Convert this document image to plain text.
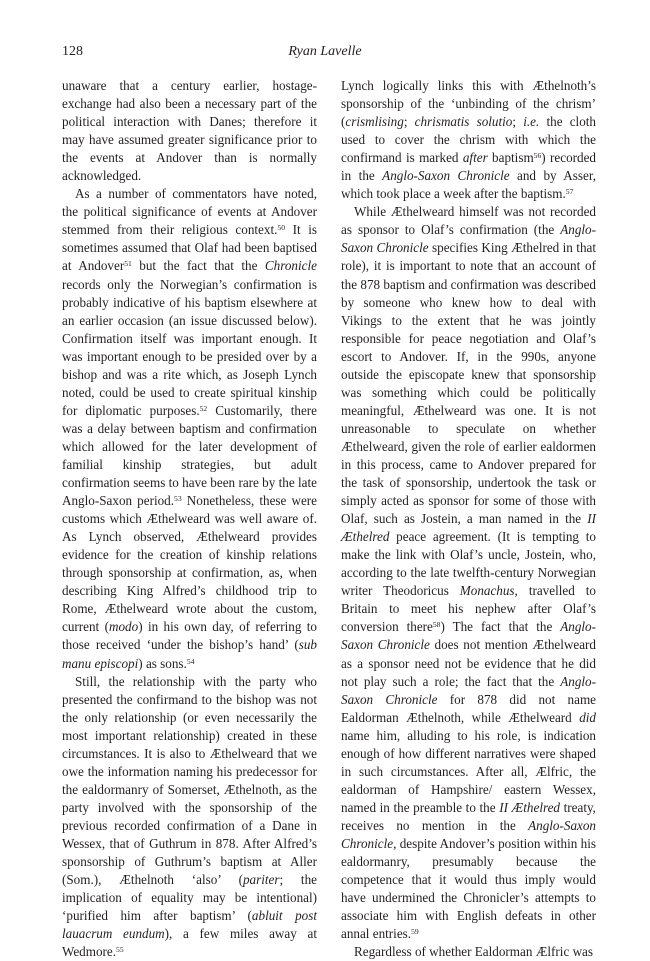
128	Ryan Lavelle

unaware that a century earlier, hostage-exchange had also been a necessary part of the political interaction with Danes; therefore it may have assumed greater significance prior to the events at Andover than is normally acknowledged.

As a number of commentators have noted, the political significance of events at Andover stemmed from their religious context.$^{50}$ It is sometimes assumed that Olaf had been baptised at Andover$^{51}$ but the fact that the Chronicle records only the Norwegian’s confirmation is probably indicative of his baptism elsewhere at an earlier occasion (an issue discussed below). Confirmation itself was important enough. It was important enough to be presided over by a bishop and was a rite which, as Joseph Lynch noted, could be used to create spiritual kinship for diplomatic purposes.$^{52}$ Customarily, there was a delay between baptism and confirmation which allowed for the later development of familial kinship strategies, but adult confirmation seems to have been rare by the late Anglo-Saxon period.$^{53}$ Nonetheless, these were customs which Æthelweard was well aware of. As Lynch observed, Æthelweard provides evidence for the creation of kinship relations through sponsorship at confirmation, as, when describing King Alfred’s childhood trip to Rome, Æthelweard wrote about the custom, current (modo) in his own day, of referring to those received ‘under the bishop’s hand’ (sub manu episcopi) as sons.$^{54}$

Still, the relationship with the party who presented the confirmand to the bishop was not the only relationship (or even necessarily the most important relationship) created in these circumstances. It is also to Æthelweard that we owe the information naming his predecessor for the ealdormanry of Somerset, Æthelnoth, as the party involved with the sponsorship of the previous recorded confirmation of a Dane in Wessex, that of Guthrum in 878. After Alfred’s sponsorship of Guthrum’s baptism at Aller (Som.), Æthelnoth ‘also’ (pariter; the implication of equality may be intentional) ‘purified him after baptism’ (abluit post lauacrum eundum), a few miles away at Wedmore.$^{55}$

Lynch logically links this with Æthelnoth’s sponsorship of the ‘unbinding of the chrism’ (crismlising; chrismatis solutio; i.e. the cloth used to cover the chrism with which the confirmand is marked after baptism$^{56}$) recorded in the Anglo-Saxon Chronicle and by Asser, which took place a week after the baptism.$^{57}$

While Æthelweard himself was not recorded as sponsor to Olaf’s confirmation (the Anglo-Saxon Chronicle specifies King Æthelred in that role), it is important to note that an account of the 878 baptism and confirmation was described by someone who knew how to deal with Vikings to the extent that he was jointly responsible for peace negotiation and Olaf’s escort to Andover. If, in the 990s, anyone outside the episcopate knew that sponsorship was something which could be politically meaningful, Æthelweard was one. It is not unreasonable to speculate on whether Æthelweard, given the role of earlier ealdormen in this process, came to Andover prepared for the task of sponsorship, undertook the task or simply acted as sponsor for some of those with Olaf, such as Jostein, a man named in the II Æthelred peace agreement. (It is tempting to make the link with Olaf’s uncle, Jostein, who, according to the late twelfth-century Norwegian writer Theodoricus Monachus, travelled to Britain to meet his nephew after Olaf’s conversion there$^{58}$) The fact that the Anglo-Saxon Chronicle does not mention Æthelweard as a sponsor need not be evidence that he did not play such a role; the fact that the Anglo-Saxon Chronicle for 878 did not name Ealdorman Æthelnoth, while Æthelweard did name him, alluding to his role, is indication enough of how different narratives were shaped in such circumstances. After all, Ælfric, the ealdorman of Hampshire/ eastern Wessex, named in the preamble to the II Æthelred treaty, receives no mention in the Anglo-Saxon Chronicle, despite Andover’s position within his ealdormanry, presumably because the competence that it would thus imply would have undermined the Chronicler’s attempts to associate him with English defeats in other annal entries.$^{59}$

Regardless of whether Ealdorman Ælfric was
